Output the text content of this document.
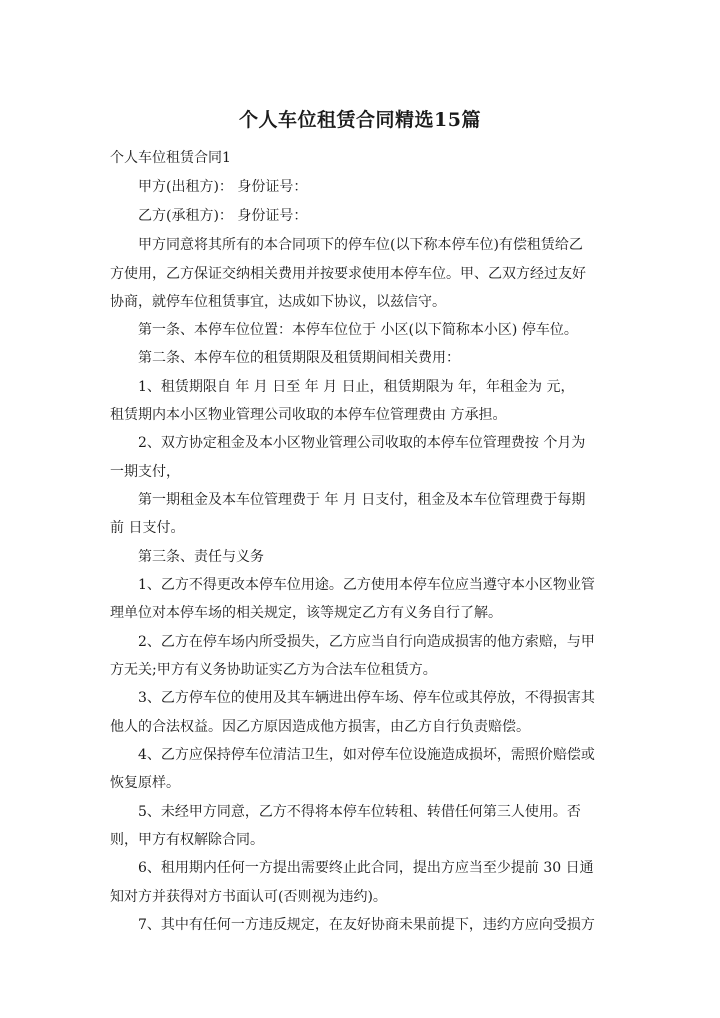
个人车位租赁合同精选15篇
个人车位租赁合同1
甲方(出租方)： 身份证号：
乙方(承租方)： 身份证号：
甲方同意将其所有的本合同项下的停车位(以下称本停车位)有偿租赁给乙
方使用，乙方保证交纳相关费用并按要求使用本停车位。甲、乙双方经过友好
协商，就停车位租赁事宜，达成如下协议，以兹信守。
第一条、本停车位位置：本停车位位于 小区(以下简称本小区) 停车位。
第二条、本停车位的租赁期限及租赁期间相关费用：
1、租赁期限自 年 月 日至 年 月 日止，租赁期限为 年，年租金为 元，
租赁期内本小区物业管理公司收取的本停车位管理费由 方承担。
2、双方协定租金及本小区物业管理公司收取的本停车位管理费按 个月为
一期支付，
第一期租金及本车位管理费于 年 月 日支付，租金及本车位管理费于每期
前 日支付。
第三条、责任与义务
1、乙方不得更改本停车位用途。乙方使用本停车位应当遵守本小区物业管
理单位对本停车场的相关规定，该等规定乙方有义务自行了解。
2、乙方在停车场内所受损失，乙方应当自行向造成损害的他方索赔，与甲
方无关;甲方有义务协助证实乙方为合法车位租赁方。
3、乙方停车位的使用及其车辆进出停车场、停车位或其停放，不得损害其
他人的合法权益。因乙方原因造成他方损害，由乙方自行负责赔偿。
4、乙方应保持停车位清洁卫生，如对停车位设施造成损坏，需照价赔偿或
恢复原样。
5、未经甲方同意，乙方不得将本停车位转租、转借任何第三人使用。否
则，甲方有权解除合同。
6、租用期内任何一方提出需要终止此合同，提出方应当至少提前 30 日通
知对方并获得对方书面认可(否则视为违约)。
7、其中有任何一方违反规定，在友好协商未果前提下，违约方应向受损方
